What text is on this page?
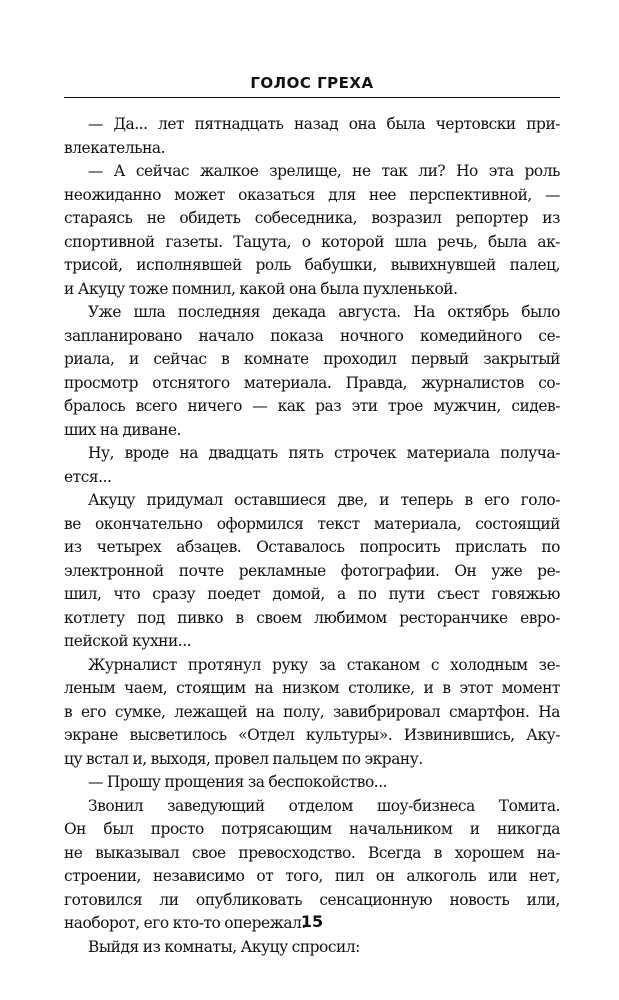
ГОЛОС ГРЕХА
— Да... лет пятнадцать назад она была чертовски при-
влекательна.
— А сейчас жалкое зрелище, не так ли? Но эта роль
неожиданно может оказаться для нее перспективной, —
стараясь не обидеть собеседника, возразил репортер из
спортивной газеты. Тацута, о которой шла речь, была ак-
трисой, исполнявшей роль бабушки, вывихнувшей палец,
и Акуцу тоже помнил, какой она была пухленькой.
Уже шла последняя декада августа. На октябрь было
запланировано начало показа ночного комедийного се-
риала, и сейчас в комнате проходил первый закрытый
просмотр отснятого материала. Правда, журналистов со-
бралось всего ничего — как раз эти трое мужчин, сидев-
ших на диване.
Ну, вроде на двадцать пять строчек материала получа-
ется...
Акуцу придумал оставшиеся две, и теперь в его голо-
ве окончательно оформился текст материала, состоящий
из четырех абзацев. Оставалось попросить прислать по
электронной почте рекламные фотографии. Он уже ре-
шил, что сразу поедет домой, а по пути съест говяжью
котлету под пивко в своем любимом ресторанчике евро-
пейской кухни...
Журналист протянул руку за стаканом с холодным зе-
леным чаем, стоящим на низком столике, и в этот момент
в его сумке, лежащей на полу, завибрировал смартфон. На
экране высветилось «Отдел культуры». Извинившись, Аку-
цу встал и, выходя, провел пальцем по экрану.
— Прошу прощения за беспокойство...
Звонил заведующий отделом шоу-бизнеса Томита.
Он был просто потрясающим начальником и никогда
не выказывал свое превосходство. Всегда в хорошем на-
строении, независимо от того, пил он алкоголь или нет,
готовился ли опубликовать сенсационную новость или,
наоборот, его кто-то опережал.
Выйдя из комнаты, Акуцу спросил:
15
